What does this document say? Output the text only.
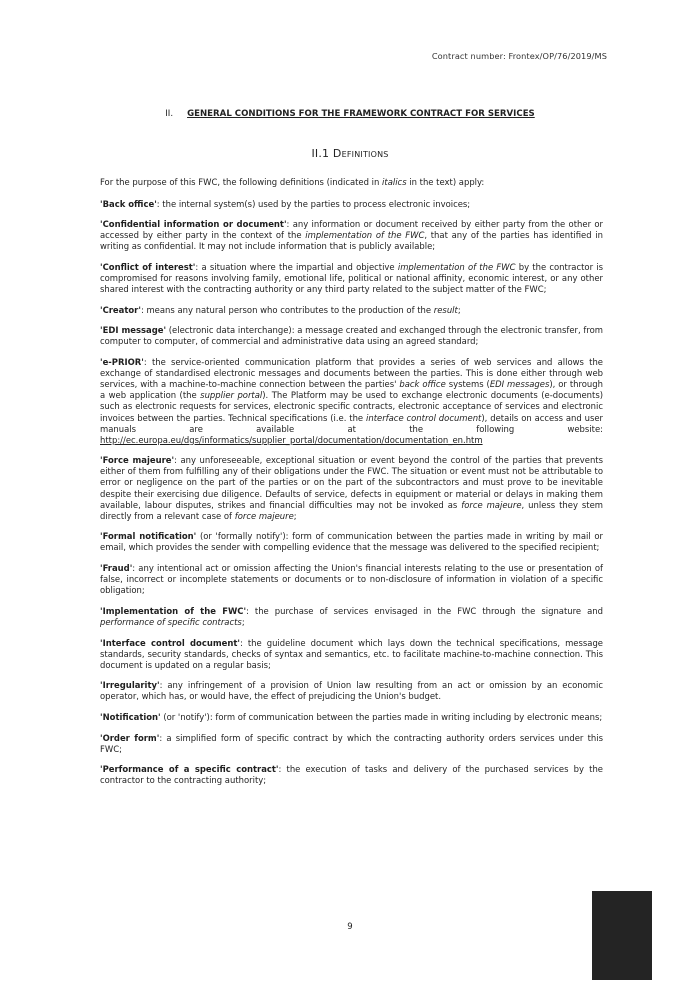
Contract number: Frontex/OP/76/2019/MS
II. GENERAL CONDITIONS FOR THE FRAMEWORK CONTRACT FOR SERVICES
II.1 Definitions

For the purpose of this FWC, the following definitions (indicated in italics in the text) apply:

'Back office': the internal system(s) used by the parties to process electronic invoices;

'Confidential information or document': any information or document received by either party from the other or accessed by either party in the context of the implementation of the FWC, that any of the parties has identified in writing as confidential. It may not include information that is publicly available;

'Conflict of interest': a situation where the impartial and objective implementation of the FWC by the contractor is compromised for reasons involving family, emotional life, political or national affinity, economic interest, or any other shared interest with the contracting authority or any third party related to the subject matter of the FWC;

'Creator': means any natural person who contributes to the production of the result;

'EDI message' (electronic data interchange): a message created and exchanged through the electronic transfer, from computer to computer, of commercial and administrative data using an agreed standard;

'e-PRIOR': the service-oriented communication platform that provides a series of web services and allows the exchange of standardised electronic messages and documents between the parties. This is done either through web services, with a machine-to-machine connection between the parties' back office systems (EDI messages), or through a web application (the supplier portal). The Platform may be used to exchange electronic documents (e-documents) such as electronic requests for services, electronic specific contracts, electronic acceptance of services and electronic invoices between the parties. Technical specifications (i.e. the interface control document), details on access and user manuals are available at the following website: http://ec.europa.eu/dgs/informatics/supplier_portal/documentation/documentation_en.htm

'Force majeure': any unforeseeable, exceptional situation or event beyond the control of the parties that prevents either of them from fulfilling any of their obligations under the FWC. The situation or event must not be attributable to error or negligence on the part of the parties or on the part of the subcontractors and must prove to be inevitable despite their exercising due diligence. Defaults of service, defects in equipment or material or delays in making them available, labour disputes, strikes and financial difficulties may not be invoked as force majeure, unless they stem directly from a relevant case of force majeure;

'Formal notification' (or 'formally notify'): form of communication between the parties made in writing by mail or email, which provides the sender with compelling evidence that the message was delivered to the specified recipient;

'Fraud': any intentional act or omission affecting the Union's financial interests relating to the use or presentation of false, incorrect or incomplete statements or documents or to non-disclosure of information in violation of a specific obligation;

'Implementation of the FWC': the purchase of services envisaged in the FWC through the signature and performance of specific contracts;

'Interface control document': the guideline document which lays down the technical specifications, message standards, security standards, checks of syntax and semantics, etc. to facilitate machine-to-machine connection. This document is updated on a regular basis;

'Irregularity': any infringement of a provision of Union law resulting from an act or omission by an economic operator, which has, or would have, the effect of prejudicing the Union's budget.

'Notification' (or 'notify'): form of communication between the parties made in writing including by electronic means;

'Order form': a simplified form of specific contract by which the contracting authority orders services under this FWC;

'Performance of a specific contract': the execution of tasks and delivery of the purchased services by the contractor to the contracting authority;

9
